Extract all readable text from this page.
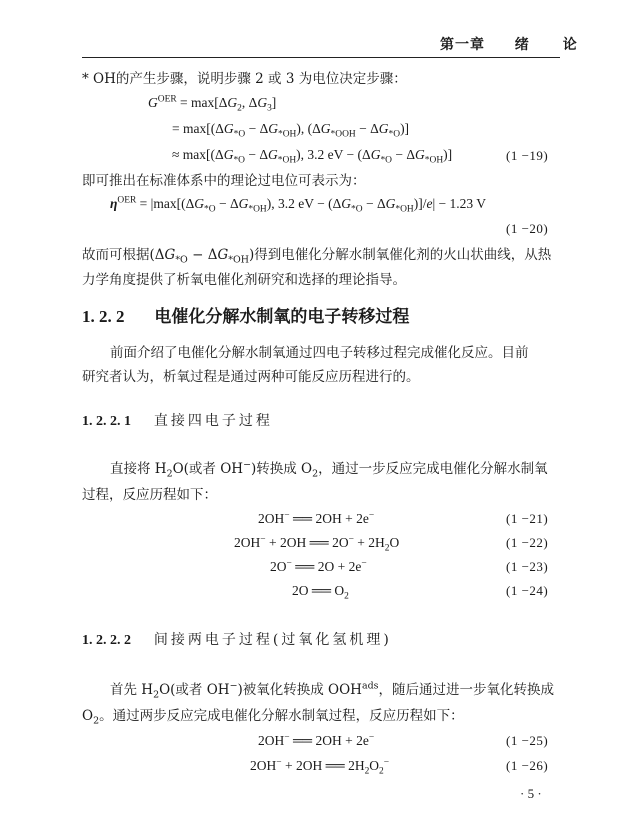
第一章 绪　论
* OH的产生步骤，说明步骤 2 或 3 为电位决定步骤：
$G^{OER} = \max[\Delta G_2$, $\Delta G_3$]
= $\max[(\Delta G_{*O} - \Delta G_{*OH})$, $(\Delta G_{*OOH} - \Delta G_{*O})$]
≈ $\max[(\Delta G_{*O} - \Delta G_{*OH})$, 3.2 eV − $(\Delta G_{*O} - \Delta G_{*OH})$]	(1 −19)
即可推出在标准体系中的理论过电位可表示为：
$\eta^{OER} = |\max[(\Delta G_{*O} - \Delta G_{*OH})$, 3.2 eV − $(\Delta G_{*O} - \Delta G_{*OH})]/e| - 1.23$ V
(1 −20)
故而可根据$(\Delta G_{*O} - \Delta G_{*OH})$得到电催化分解水制氧催化剂的火山状曲线，从热
力学角度提供了析氧电催化剂研究和选择的理论指导。
1. 2. 2 电催化分解水制氧的电子转移过程
前面介绍了电催化分解水制氧通过四电子转移过程完成催化反应。目前
研究者认为，析氧过程是通过两种可能反应历程进行的。
1. 2. 2. 1 直接四电子过程
直接将 $H_2O$(或者 OH−)转换成 $O_2$，通过一步反应完成电催化分解水制氧
过程，反应历程如下：
2OH− ══ 2OH + 2e−	(1 −21)
2OH− + 2OH ══ $2O^- + 2H_2O$	(1 −22)
2O− ══ 2O + 2e−	(1 −23)
2O ══ $O_2$	(1 −24)
1. 2. 2. 2 间接两电子过程(过氧化氢机理)
首先 $H_2O$(或者 OH−)被氧化转换成 $OOH^{ads}$，随后通过进一步氧化转换成
$O_2$。通过两步反应完成电催化分解水制氧过程，反应历程如下：
2OH− ══ 2OH + 2e−	(1 −25)
2OH− + 2OH ══ $2H_2O_2^-$	(1 −26)
· 5 ·
